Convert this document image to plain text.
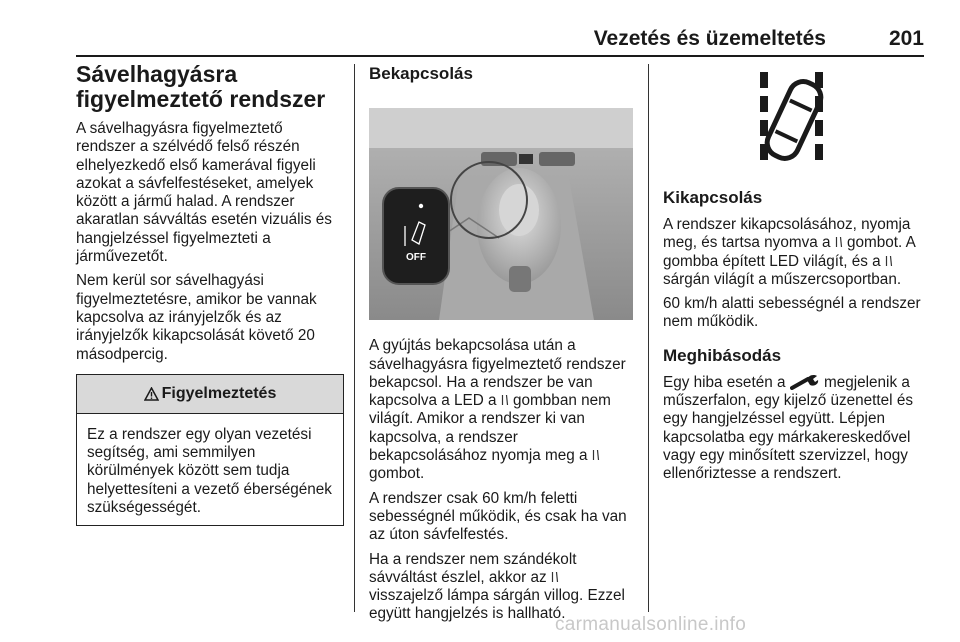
Vezetés és üzemeltetés	201
Sávelhagyásra
figyelmeztető rendszer

A sávelhagyásra figyelmeztető rendszer a szélvédő felső részén elhelyezkedő első kamerával figyeli azokat a sávfelfestéseket, amelyek között a jármű halad. A rendszer akaratlan sávváltás esetén vizuális és hangjelzéssel figyelmezteti a járművezetőt.

Nem kerül sor sávelhagyási figyelmeztetésre, amikor be vannak kapcsolva az irányjelzők és az irányjelzők kikapcsolását követő 20 másodpercig.

Figyelmeztetés
Ez a rendszer egy olyan vezetési segítség, ami semmilyen körülmények között sem tudja helyettesíteni a vezető éberségének szükségességét.
Bekapcsolás
OFF

A gyújtás bekapcsolása után a sávelhagyásra figyelmeztető rendszer bekapcsol. Ha a rendszer be van kapcsolva a LED a gombban nem világít. Amikor a rendszer ki van kapcsolva, a rendszer bekapcsolásához nyomja meg a  gombot.

A rendszer csak 60 km/h feletti sebességnél működik, és csak ha van az úton sávfelfestés.

Ha a rendszer nem szándékolt sávváltást észlel, akkor az  visszajelző lámpa sárgán villog. Ezzel együtt hangjelzés is hallható.

Kikapcsolás

A rendszer kikapcsolásához, nyomja meg, és tartsa nyomva a gombot. A gombba épített LED világít, és a  sárgán világít a műszercsoportban.

60 km/h alatti sebességnél a rendszer nem működik.

Meghibásodás

Egy hiba esetén a	megjelenik a műszerfalon, egy kijelző üzenettel és egy hangjelzéssel együtt. Lépjen kapcsolatba egy márkakereskedővel vagy egy minősített szervizzel, hogy ellenőriztesse a rendszert.

carmanualsonline.info
